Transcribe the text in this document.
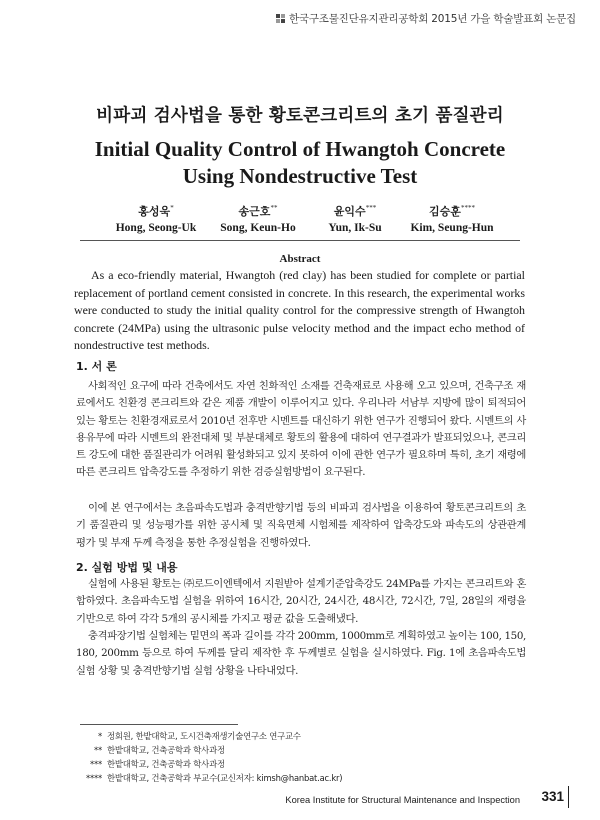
한국구조물진단유지관리공학회 2015년 가을 학술발표회 논문집
비파괴 검사법을 통한 황토콘크리트의 초기 품질관리
Initial Quality Control of Hwangtoh Concrete
Using Nondestructive Test
홍성욱*
Hong, Seong-Uk
송근호**
Song, Keun-Ho
윤익수***
Yun, Ik-Su
김승훈****
Kim, Seung-Hun
Abstract

As a eco-friendly material, Hwangtoh (red clay) has been studied for complete or partial replacement of portland cement consisted in concrete. In this research, the experimental works were conducted to study the initial quality control for the compressive strength of Hwangtoh concrete (24MPa) using the ultrasonic pulse velocity method and the impact echo method of nondestructive test methods.

1. 서 론

사회적인 요구에 따라 건축에서도 자연 친화적인 소재를 건축재료로 사용해 오고 있으며, 건축구조 재료에서도 친환경 콘크리트와 같은 제품 개발이 이루어지고 있다. 우리나라 서남부 지방에 많이 퇴적되어 있는 황토는 친환경재료로서 2010년 전후반 시멘트를 대신하기 위한 연구가 진행되어 왔다. 시멘트의 사용유무에 따라 시멘트의 완전대체 및 부분대체로 황토의 활용에 대하여 연구결과가 발표되었으나, 콘크리트 강도에 대한 품질관리가 어려워 활성화되고 있지 못하여 이에 관한 연구가 필요하며 특히, 초기 재령에 따른 콘크리트 압축강도를 추정하기 위한 검증실험방법이 요구된다.

이에 본 연구에서는 초음파속도법과 충격반향기법 등의 비파괴 검사법을 이용하여 황토콘크리트의 초기 품질관리 및 성능평가를 위한 공시체 및 직육면체 시험체를 제작하여 압축강도와 파속도의 상관관계 평가 및 부재 두께 측정을 통한 추정실험을 진행하였다.

2. 실험 방법 및 내용

실험에 사용된 황토는 ㈜로드이엔텍에서 지원받아 설계기준압축강도 24MPa를 가지는 콘크리트와 혼합하였다. 초음파속도법 실험을 위하여 16시간, 20시간, 24시간, 48시간, 72시간, 7일, 28일의 재령을 기반으로 하여 각각 5개의 공시체를 가지고 평균 값을 도출해냈다.

충격파장기법 실험체는 밑면의 폭과 길이를 각각 200mm, 1000mm로 계획하였고 높이는 100, 150, 180, 200mm 등으로 하여 두께를 달리 제작한 후 두께별로 실험을 실시하였다. Fig. 1에 초음파속도법 실험 상황 및 충격반향기법 실험 상황을 나타내었다.

* 정회원, 한밭대학교, 도시건축재생기술연구소 연구교수
** 한밭대학교, 건축공학과 학사과정
*** 한밭대학교, 건축공학과 학사과정
**** 한밭대학교, 건축공학과 부교수(교신저자: kimsh@hanbat.ac.kr)
Korea Institute for Structural Maintenance and Inspection 331
